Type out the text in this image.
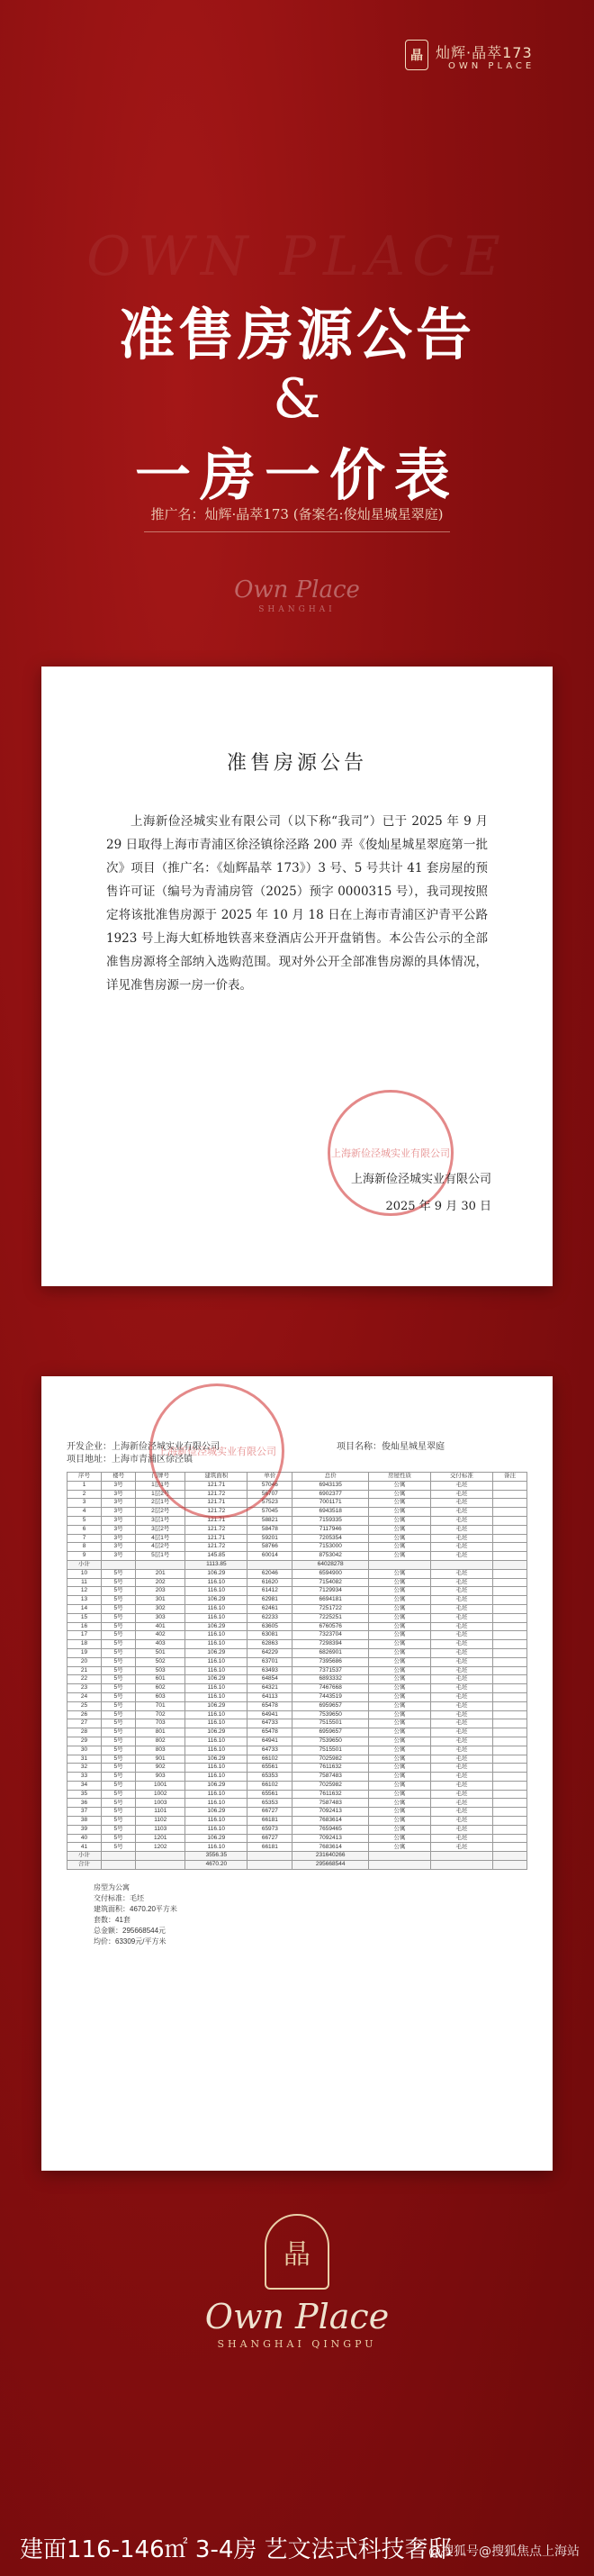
晶 灿辉·晶萃173
OWN PLACE
OWN PLACE
准售房源公告
&
一房一价表
推广名：灿辉·晶萃173 (备案名:俊灿星城星翠庭)
Own Place
SHANGHAI
准售房源公告
上海新俭泾城实业有限公司（以下称“我司”）已于 2025 年 9 月 29 日取得上海市青浦区徐泾镇徐泾路 200 弄《俊灿星城星翠庭第一批次》项目（推广名：《灿辉晶萃 173》）3 号、5 号共计 41 套房屋的预售许可证（编号为青浦房管（2025）预字 0000315 号），我司现按照定将该批准售房源于 2025 年 10 月 18 日在上海市青浦区沪青平公路 1923 号上海大虹桥地铁喜来登酒店公开开盘销售。本公告公示的全部准售房源将全部纳入选购范围。现对外公开全部准售房源的具体情况，详见准售房源一房一价表。
上海新俭泾城实业有限公司
上海新俭泾城实业有限公司
2025 年 9 月 30 日
上海新俭泾城实业有限公司
开发企业：上海新俭泾城实业有限公司
项目地址：上海市青浦区徐泾镇
项目名称：俊灿星城星翠庭
序号	楼号	门牌号	建筑面积	单价	总价	房屋性质	交付标准	备注
1	3号	1层1号	121.71	57046	6943135	公寓	毛坯	
2	3号	1层2号	121.72	56707	6902377	公寓	毛坯	
3	3号	2层1号	121.71	57523	7001171	公寓	毛坯	
4	3号	2层2号	121.72	57045	6943518	公寓	毛坯	
5	3号	3层1号	121.71	58821	7159335	公寓	毛坯	
6	3号	3层2号	121.72	58478	7117946	公寓	毛坯	
7	3号	4层1号	121.71	59201	7205354	公寓	毛坯	
8	3号	4层2号	121.72	58766	7153000	公寓	毛坯	
9	3号	5层1号	145.85	60014	8753042	公寓	毛坯	
小计			1113.85		64028278			
10	5号	201	106.29	62046	6594900	公寓	毛坯	
11	5号	202	116.10	61620	7154082	公寓	毛坯	
12	5号	203	116.10	61412	7129934	公寓	毛坯	
13	5号	301	106.29	62981	6694181	公寓	毛坯	
14	5号	302	116.10	62461	7251722	公寓	毛坯	
15	5号	303	116.10	62233	7225251	公寓	毛坯	
16	5号	401	106.29	63605	6760576	公寓	毛坯	
17	5号	402	116.10	63081	7323704	公寓	毛坯	
18	5号	403	116.10	62863	7298394	公寓	毛坯	
19	5号	501	106.29	64229	6826901	公寓	毛坯	
20	5号	502	116.10	63701	7395686	公寓	毛坯	
21	5号	503	116.10	63493	7371537	公寓	毛坯	
22	5号	601	106.29	64854	6893332	公寓	毛坯	
23	5号	602	116.10	64321	7467668	公寓	毛坯	
24	5号	603	116.10	64113	7443519	公寓	毛坯	
25	5号	701	106.29	65478	6959657	公寓	毛坯	
26	5号	702	116.10	64941	7539650	公寓	毛坯	
27	5号	703	116.10	64733	7515501	公寓	毛坯	
28	5号	801	106.29	65478	6959657	公寓	毛坯	
29	5号	802	116.10	64941	7539650	公寓	毛坯	
30	5号	803	116.10	64733	7515501	公寓	毛坯	
31	5号	901	106.29	66102	7025982	公寓	毛坯	
32	5号	902	116.10	65561	7611632	公寓	毛坯	
33	5号	903	116.10	65353	7587483	公寓	毛坯	
34	5号	1001	106.29	66102	7025982	公寓	毛坯	
35	5号	1002	116.10	65561	7611632	公寓	毛坯	
36	5号	1003	116.10	65353	7587483	公寓	毛坯	
37	5号	1101	106.29	66727	7092413	公寓	毛坯	
38	5号	1102	116.10	66181	7683614	公寓	毛坯	
39	5号	1103	116.10	65973	7659465	公寓	毛坯	
40	5号	1201	106.29	66727	7092413	公寓	毛坯	
41	5号	1202	116.10	66181	7683614	公寓	毛坯	
小计			3556.35		231640266			
合计			4670.20		295668544			
房型为公寓
交付标准：毛坯
建筑面积：4670.20平方米
套数：41套
总金额：295668544元
均价：63309元/平方米
晶
Own Place
SHANGHAI QINGPU
建面116-146㎡ 3-4房 艺文法式科技奢邸
@搜狐号@搜狐焦点上海站
